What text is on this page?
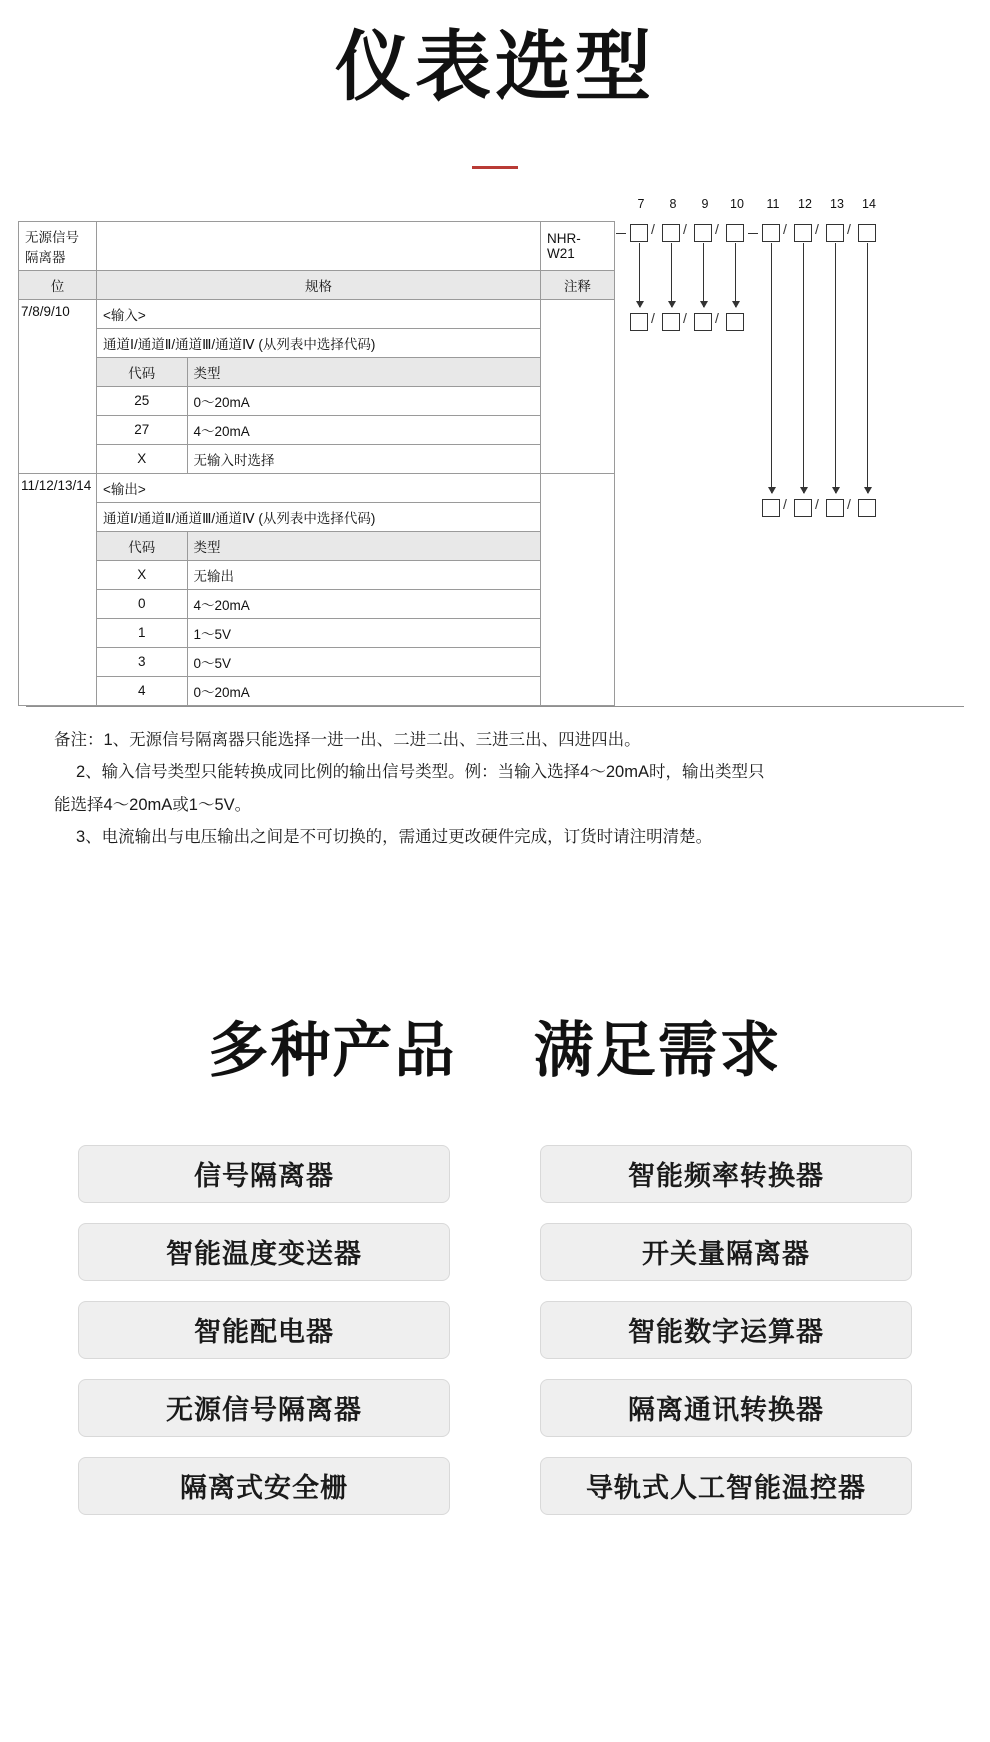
仪表选型
无源信号隔离器		NHR-W21
位	规格	注释
7/8/9/10	<输入>	
通道Ⅰ/通道Ⅱ/通道Ⅲ/通道Ⅳ (从列表中选择代码)

代码	类型

25	0～20mA

27	4～20mA
X	无输入时选择

11/12/13/14	<输出>	
通道Ⅰ/通道Ⅱ/通道Ⅲ/通道Ⅳ (从列表中选择代码)

代码	类型

X	无输出

0	4～20mA
1	1～5V
3	0～5V
4	0～20mA
7	8	9	10	11	12	13	14
/ / /	/ / /
/ / /
/ / /

备注：1、无源信号隔离器只能选择一进一出、二进二出、三进三出、四进四出。

2、输入信号类型只能转换成同比例的输出信号类型。例：当输入选择4～20mA时，输出类型只

能选择4～20mA或1～5V。

3、电流输出与电压输出之间是不可切换的，需通过更改硬件完成，订货时请注明清楚。

多种产品 满足需求
信号隔离器	智能频率转换器
智能温度变送器	开关量隔离器
智能配电器	智能数字运算器
无源信号隔离器	隔离通讯转换器
隔离式安全栅	导轨式人工智能温控器
